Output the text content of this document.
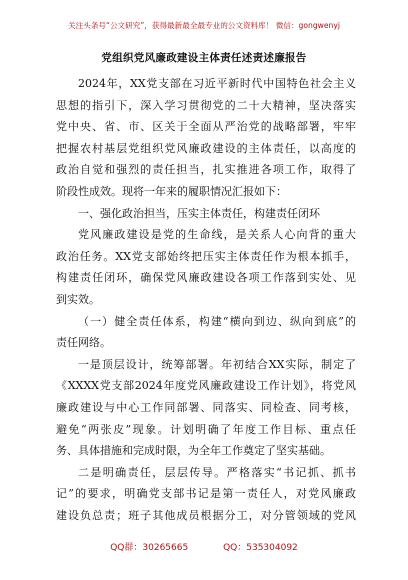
关注头条号“公文研究”，获得最新最全最专业的公文资料库！ 微信：gongwenyj
党组织党风廉政建设主体责任述责述廉报告
2024年，XX党支部在习近平新时代中国特色社会主义
思想的指引下，深入学习贯彻党的二十大精神，坚决落实
党中央、省、市、区关于全面从严治党的战略部署，牢牢
把握农村基层党组织党风廉政建设的主体责任，以高度的
政治自觉和强烈的责任担当，扎实推进各项工作，取得了
阶段性成效。现将一年来的履职情况汇报如下：
一、强化政治担当，压实主体责任，构建责任闭环
党风廉政建设是党的生命线，是关系人心向背的重大
政治任务。XX党支部始终把压实主体责任作为根本抓手，
构建责任闭环，确保党风廉政建设各项工作落到实处、见
到实效。
（一）健全责任体系，构建“横向到边、纵向到底”的
责任网络。
一是顶层设计，统筹部署。年初结合XX实际，制定了
《XXXX党支部2024年度党风廉政建设工作计划》，将党风
廉政建设与中心工作同部署、同落实、同检查、同考核，
避免“两张皮”现象。计划明确了年度工作目标、重点任
务、具体措施和完成时限，为全年工作奠定了坚实基础。
二是明确责任，层层传导。严格落实“书记抓、抓书
记”的要求，明确党支部书记是第一责任人，对党风廉政
建设负总责；班子其他成员根据分工，对分管领域的党风
QQ群：30265665	QQ：535304092
